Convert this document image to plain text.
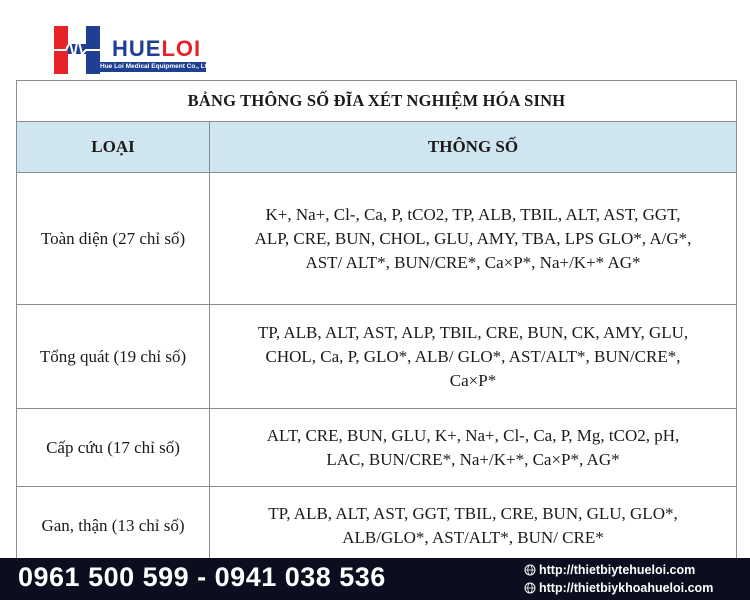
HUELOI
Hue Loi Medical Equipment Co., Ltd
BẢNG THÔNG SỐ ĐĨA XÉT NGHIỆM HÓA SINH	
LOẠI	THÔNG SỐ
Toàn diện (27 chỉ số)	K+, Na+, Cl-, Ca, P, tCO2, TP, ALB, TBIL, ALT, AST, GGT,
ALP, CRE, BUN, CHOL, GLU, AMY, TBA, LPS GLO*, A/G*,
AST/ ALT*, BUN/CRE*, Ca×P*, Na+/K+* AG*

Tổng quát (19 chỉ số)	TP, ALB, ALT, AST, ALP, TBIL, CRE, BUN, CK, AMY, GLU,
CHOL, Ca, P, GLO*, ALB/ GLO*, AST/ALT*, BUN/CRE*,
Ca×P*

Cấp cứu (17 chỉ số)	ALT, CRE, BUN, GLU, K+, Na+, Cl-, Ca, P, Mg, tCO2, pH,
LAC, BUN/CRE*, Na+/K+*, Ca×P*, AG*

Gan, thận (13 chỉ số)	TP, ALB, ALT, AST, GGT, TBIL, CRE, BUN, GLU, GLO*,
ALB/GLO*, AST/ALT*, BUN/ CRE*
0961 500 599 - 0941 038 536	http://thietbiytehueloi.com
http://thietbiykhoahueloi.com
